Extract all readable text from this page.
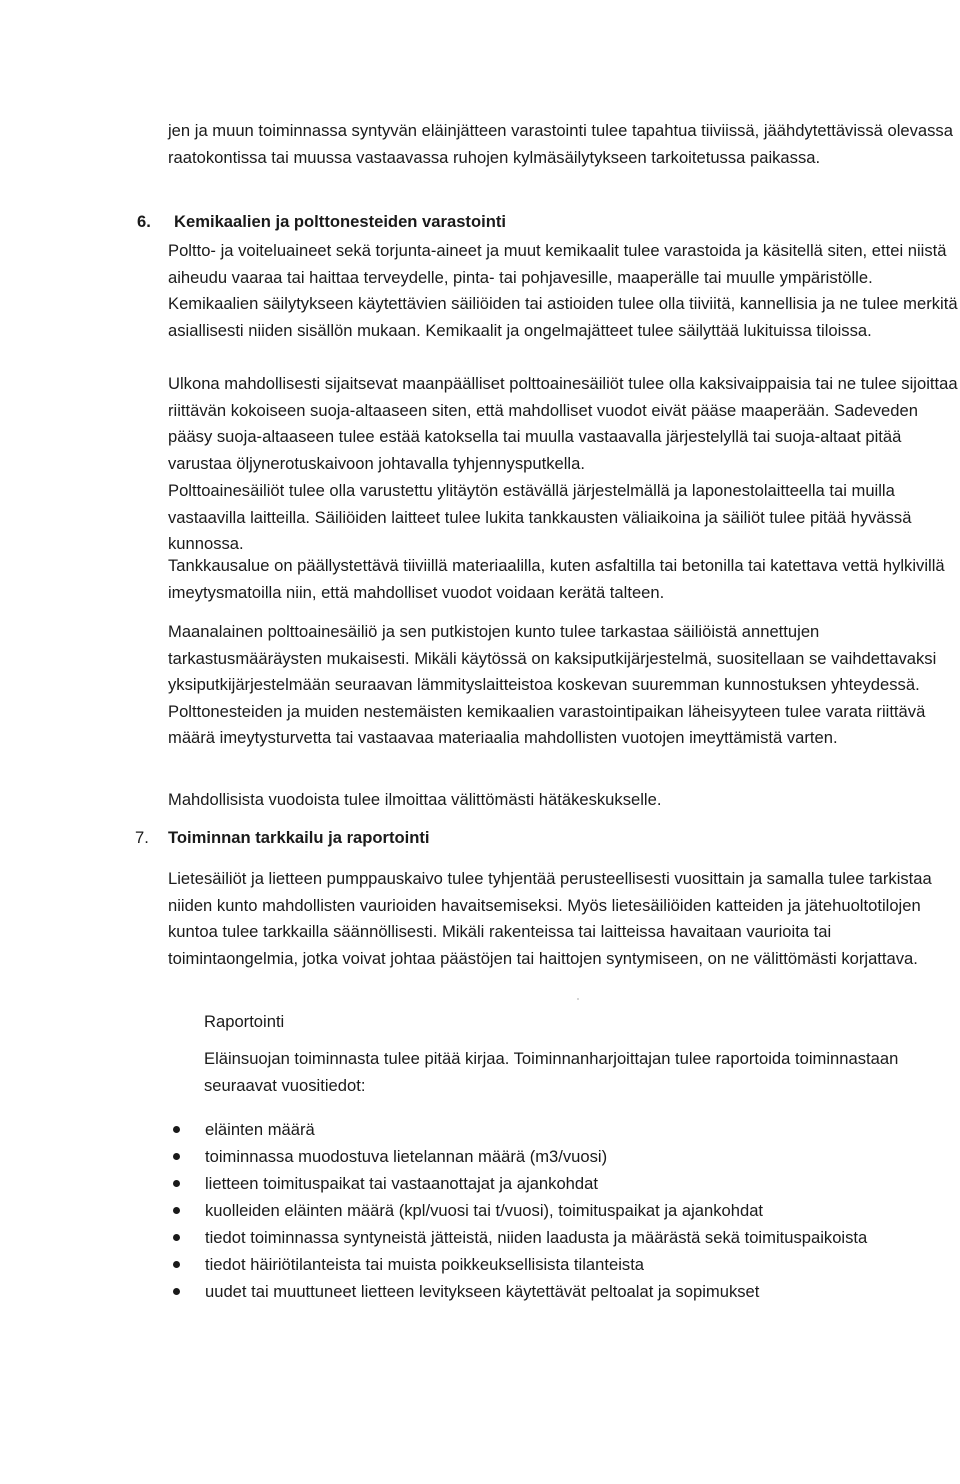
jen ja muun toiminnassa syntyvän eläinjätteen varastointi tulee tapahtua tiiviissä, jäähdytettävissä olevassa raatokontissa tai muussa vastaavassa ruhojen kylmäsäilytykseen tarkoitetussa paikassa.

6. Kemikaalien ja polttonesteiden varastointi

Poltto- ja voiteluaineet sekä torjunta-aineet ja muut kemikaalit tulee varastoida ja käsitellä siten, ettei niistä aiheudu vaaraa tai haittaa terveydelle, pinta- tai pohjavesille, maaperälle tai muulle ympäristölle. Kemikaalien säilytykseen käytettävien säiliöiden tai astioiden tulee olla tiiviitä, kannellisia ja ne tulee merkitä asiallisesti niiden sisällön mukaan. Kemikaalit ja ongelmajätteet tulee säilyttää lukituissa tiloissa.

Ulkona mahdollisesti sijaitsevat maanpäälliset polttoainesäiliöt tulee olla kaksivaippaisia tai ne tulee sijoittaa riittävän kokoiseen suoja-altaaseen siten, että mahdolliset vuodot eivät pääse maaperään. Sadeveden pääsy suoja-altaaseen tulee estää katoksella tai muulla vastaavalla järjestelyllä tai suoja-altaat pitää varustaa öljynerotuskaivoon johtavalla tyhjennysputkella.

Polttoainesäiliöt tulee olla varustettu ylitäytön estävällä järjestelmällä ja laponestolaitteella tai muilla vastaavilla laitteilla. Säiliöiden laitteet tulee lukita tankkausten väliaikoina ja säiliöt tulee pitää hyvässä kunnossa.

Tankkausalue on päällystettävä tiiviillä materiaalilla, kuten asfaltilla tai betonilla tai katettava vettä hylkivillä imeytysmatoilla niin, että mahdolliset vuodot voidaan kerätä talteen.

Maanalainen polttoainesäiliö ja sen putkistojen kunto tulee tarkastaa säiliöistä annettujen tarkastusmääräysten mukaisesti. Mikäli käytössä on kaksiputkijärjestelmä, suositellaan se vaihdettavaksi yksiputkijärjestelmään seuraavan lämmityslaitteistoa koskevan suuremman kunnostuksen yhteydessä. Polttonesteiden ja muiden nestemäisten kemikaalien varastointipaikan läheisyyteen tulee varata riittävä määrä imeytysturvetta tai vastaavaa materiaalia mahdollisten vuotojen imeyttämistä varten.

Mahdollisista vuodoista tulee ilmoittaa välittömästi hätäkeskukselle.

7. Toiminnan tarkkailu ja raportointi

Lietesäiliöt ja lietteen pumppauskaivo tulee tyhjentää perusteellisesti vuosittain ja samalla tulee tarkistaa niiden kunto mahdollisten vaurioiden havaitsemiseksi. Myös lietesäiliöiden katteiden ja jätehuoltotilojen kuntoa tulee tarkkailla säännöllisesti. Mikäli rakenteissa tai laitteissa havaitaan vaurioita tai toimintaongelmia, jotka voivat johtaa päästöjen tai haittojen syntymiseen, on ne välittömästi korjattava.

Raportointi

Eläinsuojan toiminnasta tulee pitää kirjaa. Toiminnanharjoittajan tulee raportoida toiminnastaan seuraavat vuositiedot:

eläinten määrä
toiminnassa muodostuva lietelannan määrä (m3/vuosi)
lietteen toimituspaikat tai vastaanottajat ja ajankohdat
kuolleiden eläinten määrä (kpl/vuosi tai t/vuosi), toimituspaikat ja ajankohdat
tiedot toiminnassa syntyneistä jätteistä, niiden laadusta ja määrästä sekä toimituspaikoista
tiedot häiriötilanteista tai muista poikkeuksellisista tilanteista
uudet tai muuttuneet lietteen levitykseen käytettävät peltoalat ja sopimukset
